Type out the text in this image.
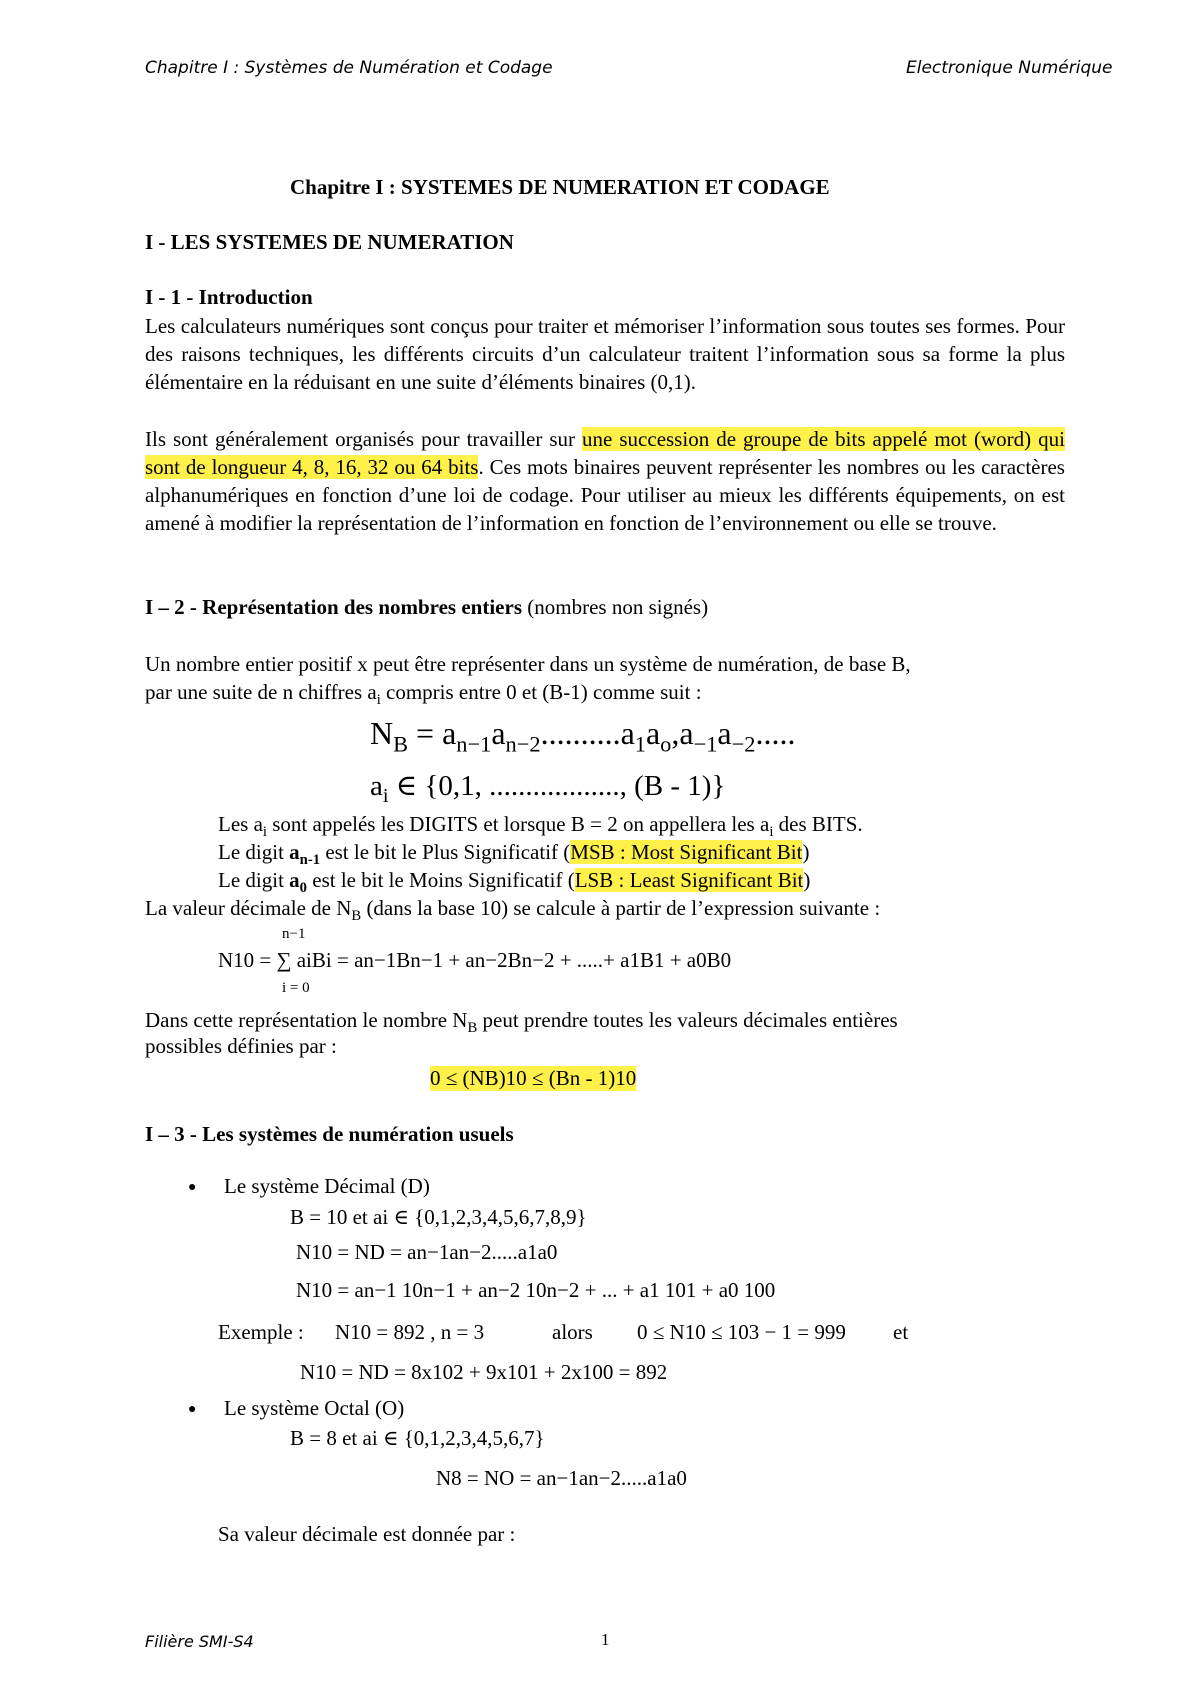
Chapitre I : Systèmes de Numération et Codage	Electronique Numérique
Chapitre I : SYSTEMES DE NUMERATION ET CODAGE
I - LES SYSTEMES DE NUMERATION
I - 1 - Introduction
Les calculateurs numériques sont conçus pour traiter et mémoriser l’information sous toutes ses formes. Pour des raisons techniques, les différents circuits d’un calculateur traitent l’information sous sa forme la plus élémentaire en la réduisant en une suite d’éléments binaires (0,1).
Ils sont généralement organisés pour travailler sur une succession de groupe de bits appelé mot (word) qui sont de longueur 4, 8, 16, 32 ou 64 bits. Ces mots binaires peuvent représenter les nombres ou les caractères alphanumériques en fonction d’une loi de codage. Pour utiliser au mieux les différents équipements, on est amené à modifier la représentation de l’information en fonction de l’environnement ou elle se trouve.
I – 2 - Représentation des nombres entiers (nombres non signés)
Un nombre entier positif x peut être représenter dans un système de numération, de base B,
par une suite de n chiffres $a_i$ compris entre 0 et (B-1) comme suit :
$N_B = a_{n-1}a_{n-2}..........a_1a_o,a_{-1}a_{-2}$.....
$a_i$ ∈ {0,1, .................., (B - 1)}
Les $a_i$ sont appelés les DIGITS et lorsque B = 2 on appellera les $a_i$ des BITS.
Le digit $a_{n-1}$ est le bit le Plus Significatif (MSB : Most Significant Bit)
Le digit $a_0$ est le bit le Moins Significatif (LSB : Least Significant Bit)
La valeur décimale de $N_B$ (dans la base 10) se calcule à partir de l’expression suivante :
n−1
i = 0
N10 = ∑ aiBi = an−1Bn−1 + an−2Bn−2 + .....+ a1B1 + a0B0
Dans cette représentation le nombre $N_B$ peut prendre toutes les valeurs décimales entières
possibles définies par :
0 ≤ (NB)10 ≤ (Bn - 1)10
I – 3 - Les systèmes de numération usuels
● Le système Décimal (D)
B = 10 et ai ∈ {0,1,2,3,4,5,6,7,8,9}
N10 = ND = an−1an−2.....a1a0
N10 = an−1 10n−1 + an−2 10n−2 + ... + a1 101 + a0 100
Exemple : N10 = 892 , n = 3	alors 0 ≤ N10 ≤ 103 − 1 = 999 et
N10 = ND = 8x102 + 9x101 + 2x100 = 892
● Le système Octal (O)
B = 8 et ai ∈ {0,1,2,3,4,5,6,7}
N8 = NO = an−1an−2.....a1a0
Sa valeur décimale est donnée par :
Filière SMI-S4	1
